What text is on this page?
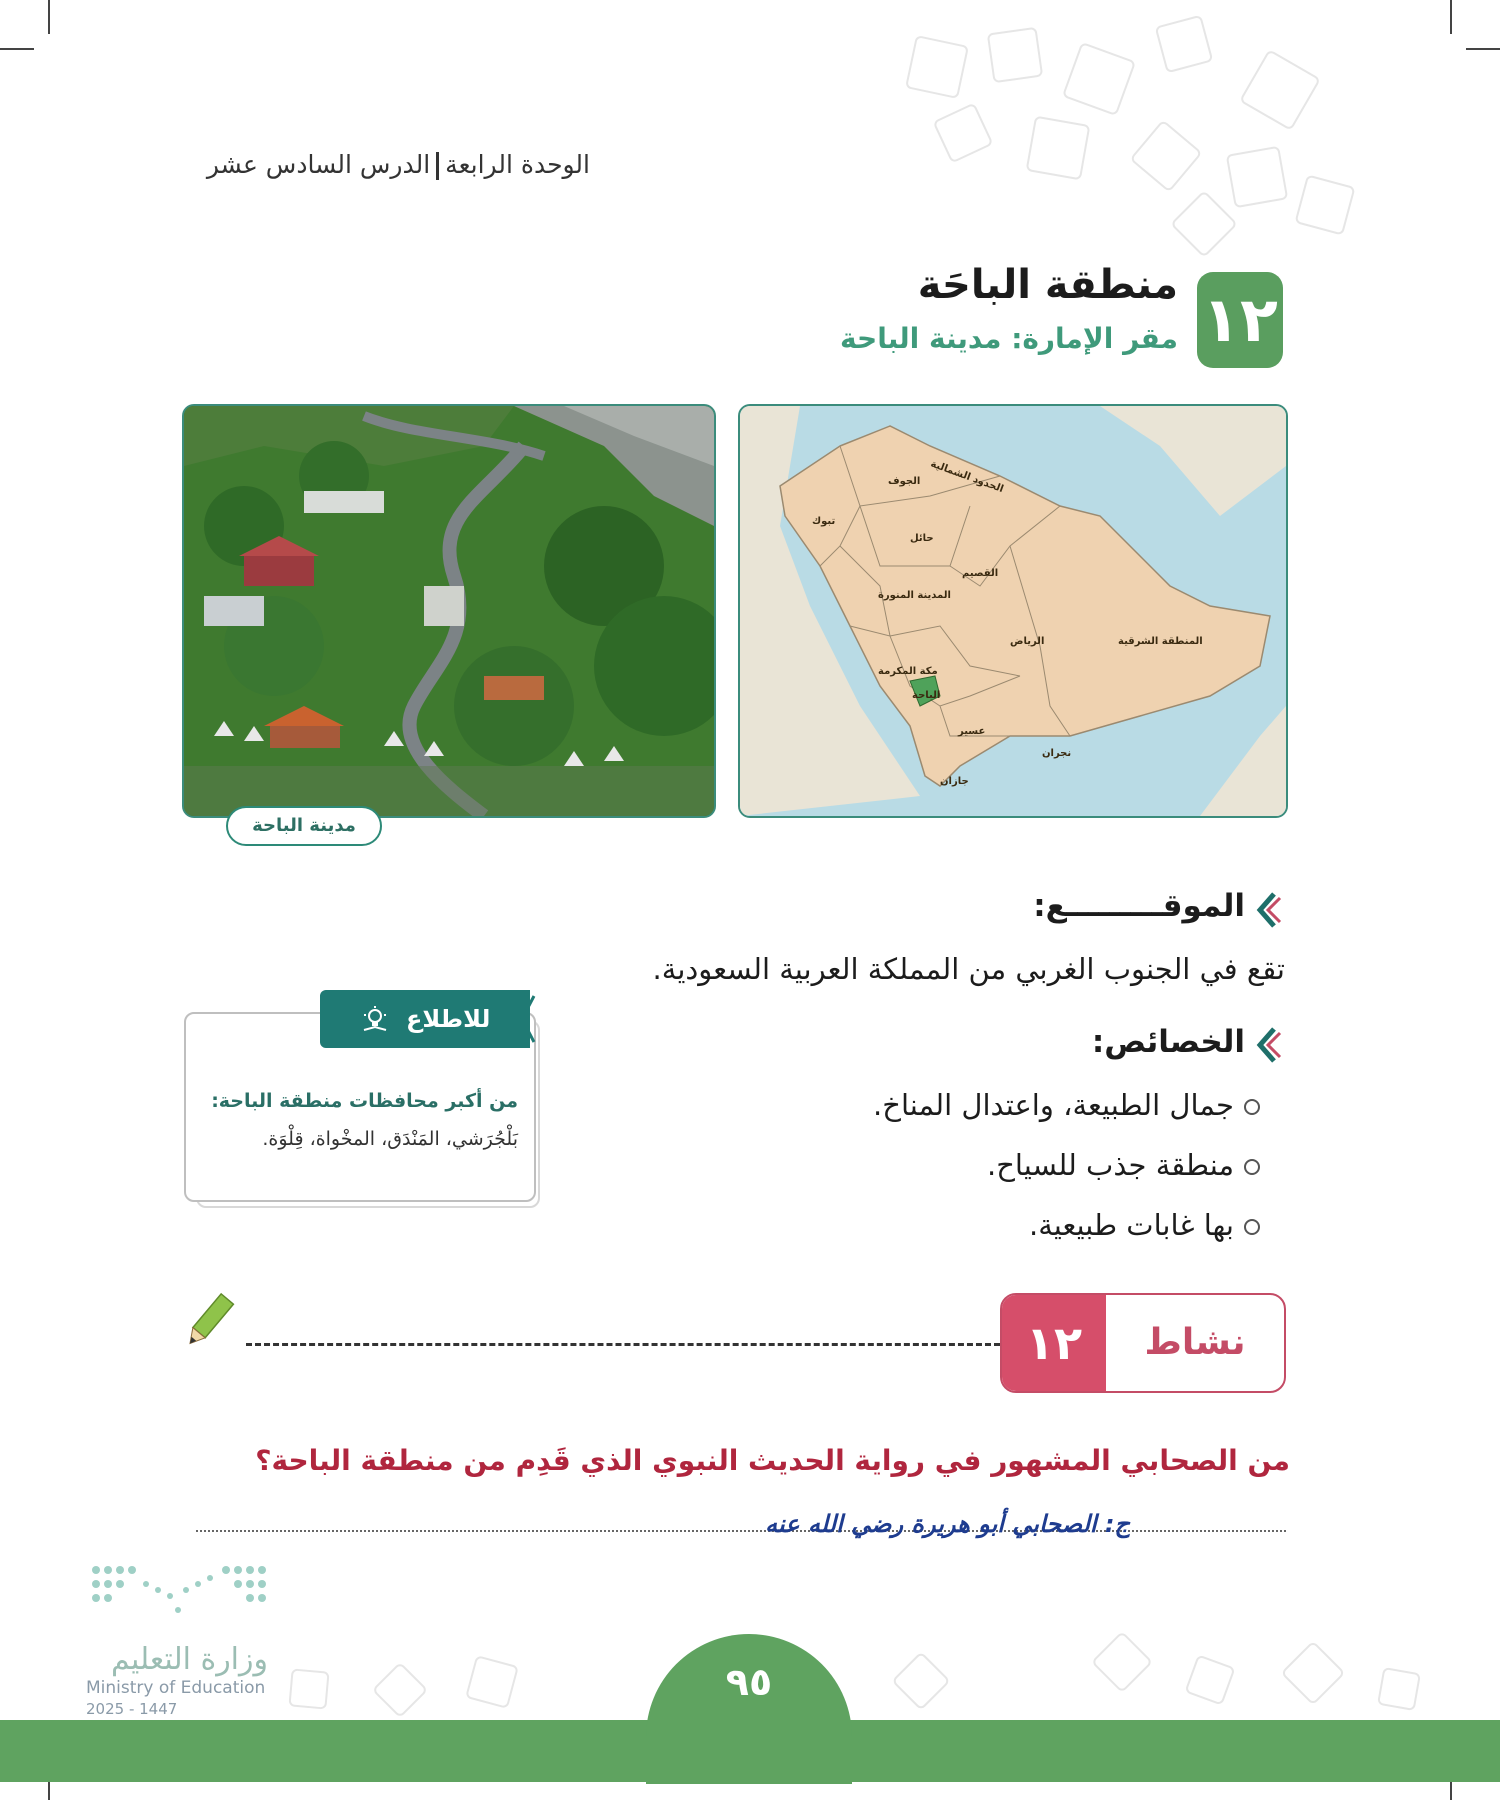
الوحدة الرابعةالدرس السادس عشر
١٢
منطقة الباحَة
مقر الإمارة: مدينة الباحة
مدينة الباحة
الجوف الحدود الشمالية
تبوك
حائل
القصيم
المدينة المنورة
الرياض	المنطقة الشرقية
مكة المكرمة
الباحة
عسير
نجران
جازان
الموقـــــــــع:
تقع في الجنوب الغربي من المملكة العربية السعودية.
الخصائص:
جمال الطبيعة، واعتدال المناخ.
منطقة جذب للسياح.
بها غابات طبيعية.
للاطلاع
من أكبر محافظات منطقة الباحة:
بَلْجُرَشي، المَنْدَق، المخْواة، قِلْوَة.
١٢	نشاط
من الصحابي المشهور في رواية الحديث النبوي الذي قَدِم من منطقة الباحة؟
ج: الصحابي أبو هريرة رضي الله عنه
وزارة التعليم
Ministry of Education
2025 - 1447
٩٥
